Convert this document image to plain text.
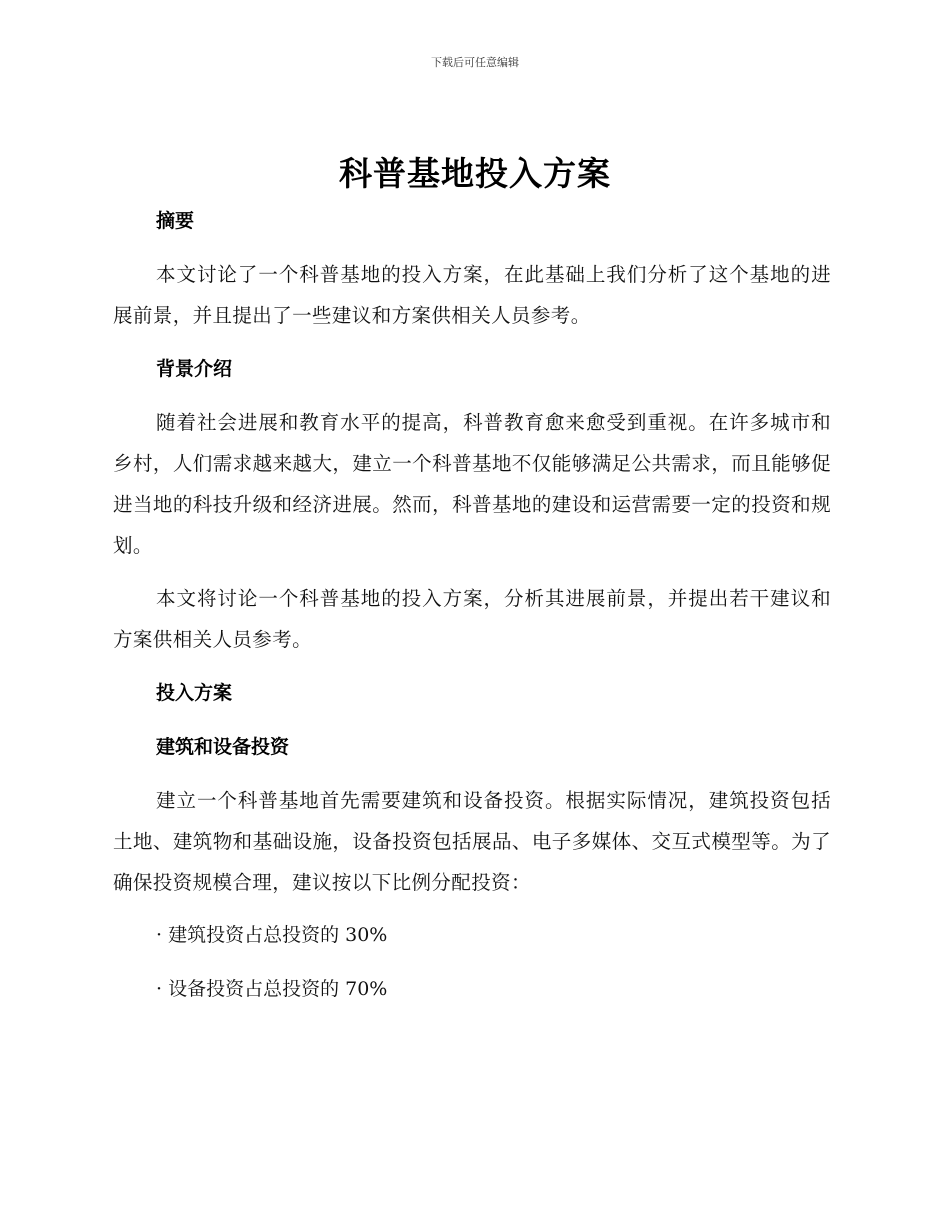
下载后可任意编辑
科普基地投入方案
摘要

本文讨论了一个科普基地的投入方案，在此基础上我们分析了这个基地的进展前景，并且提出了一些建议和方案供相关人员参考。

背景介绍

随着社会进展和教育水平的提高，科普教育愈来愈受到重视。在许多城市和乡村，人们需求越来越大，建立一个科普基地不仅能够满足公共需求，而且能够促进当地的科技升级和经济进展。然而，科普基地的建设和运营需要一定的投资和规划。

本文将讨论一个科普基地的投入方案，分析其进展前景，并提出若干建议和方案供相关人员参考。

投入方案
建筑和设备投资

建立一个科普基地首先需要建筑和设备投资。根据实际情况，建筑投资包括土地、建筑物和基础设施，设备投资包括展品、电子多媒体、交互式模型等。为了确保投资规模合理，建议按以下比例分配投资：

· 建筑投资占总投资的 30%
· 设备投资占总投资的 70%
